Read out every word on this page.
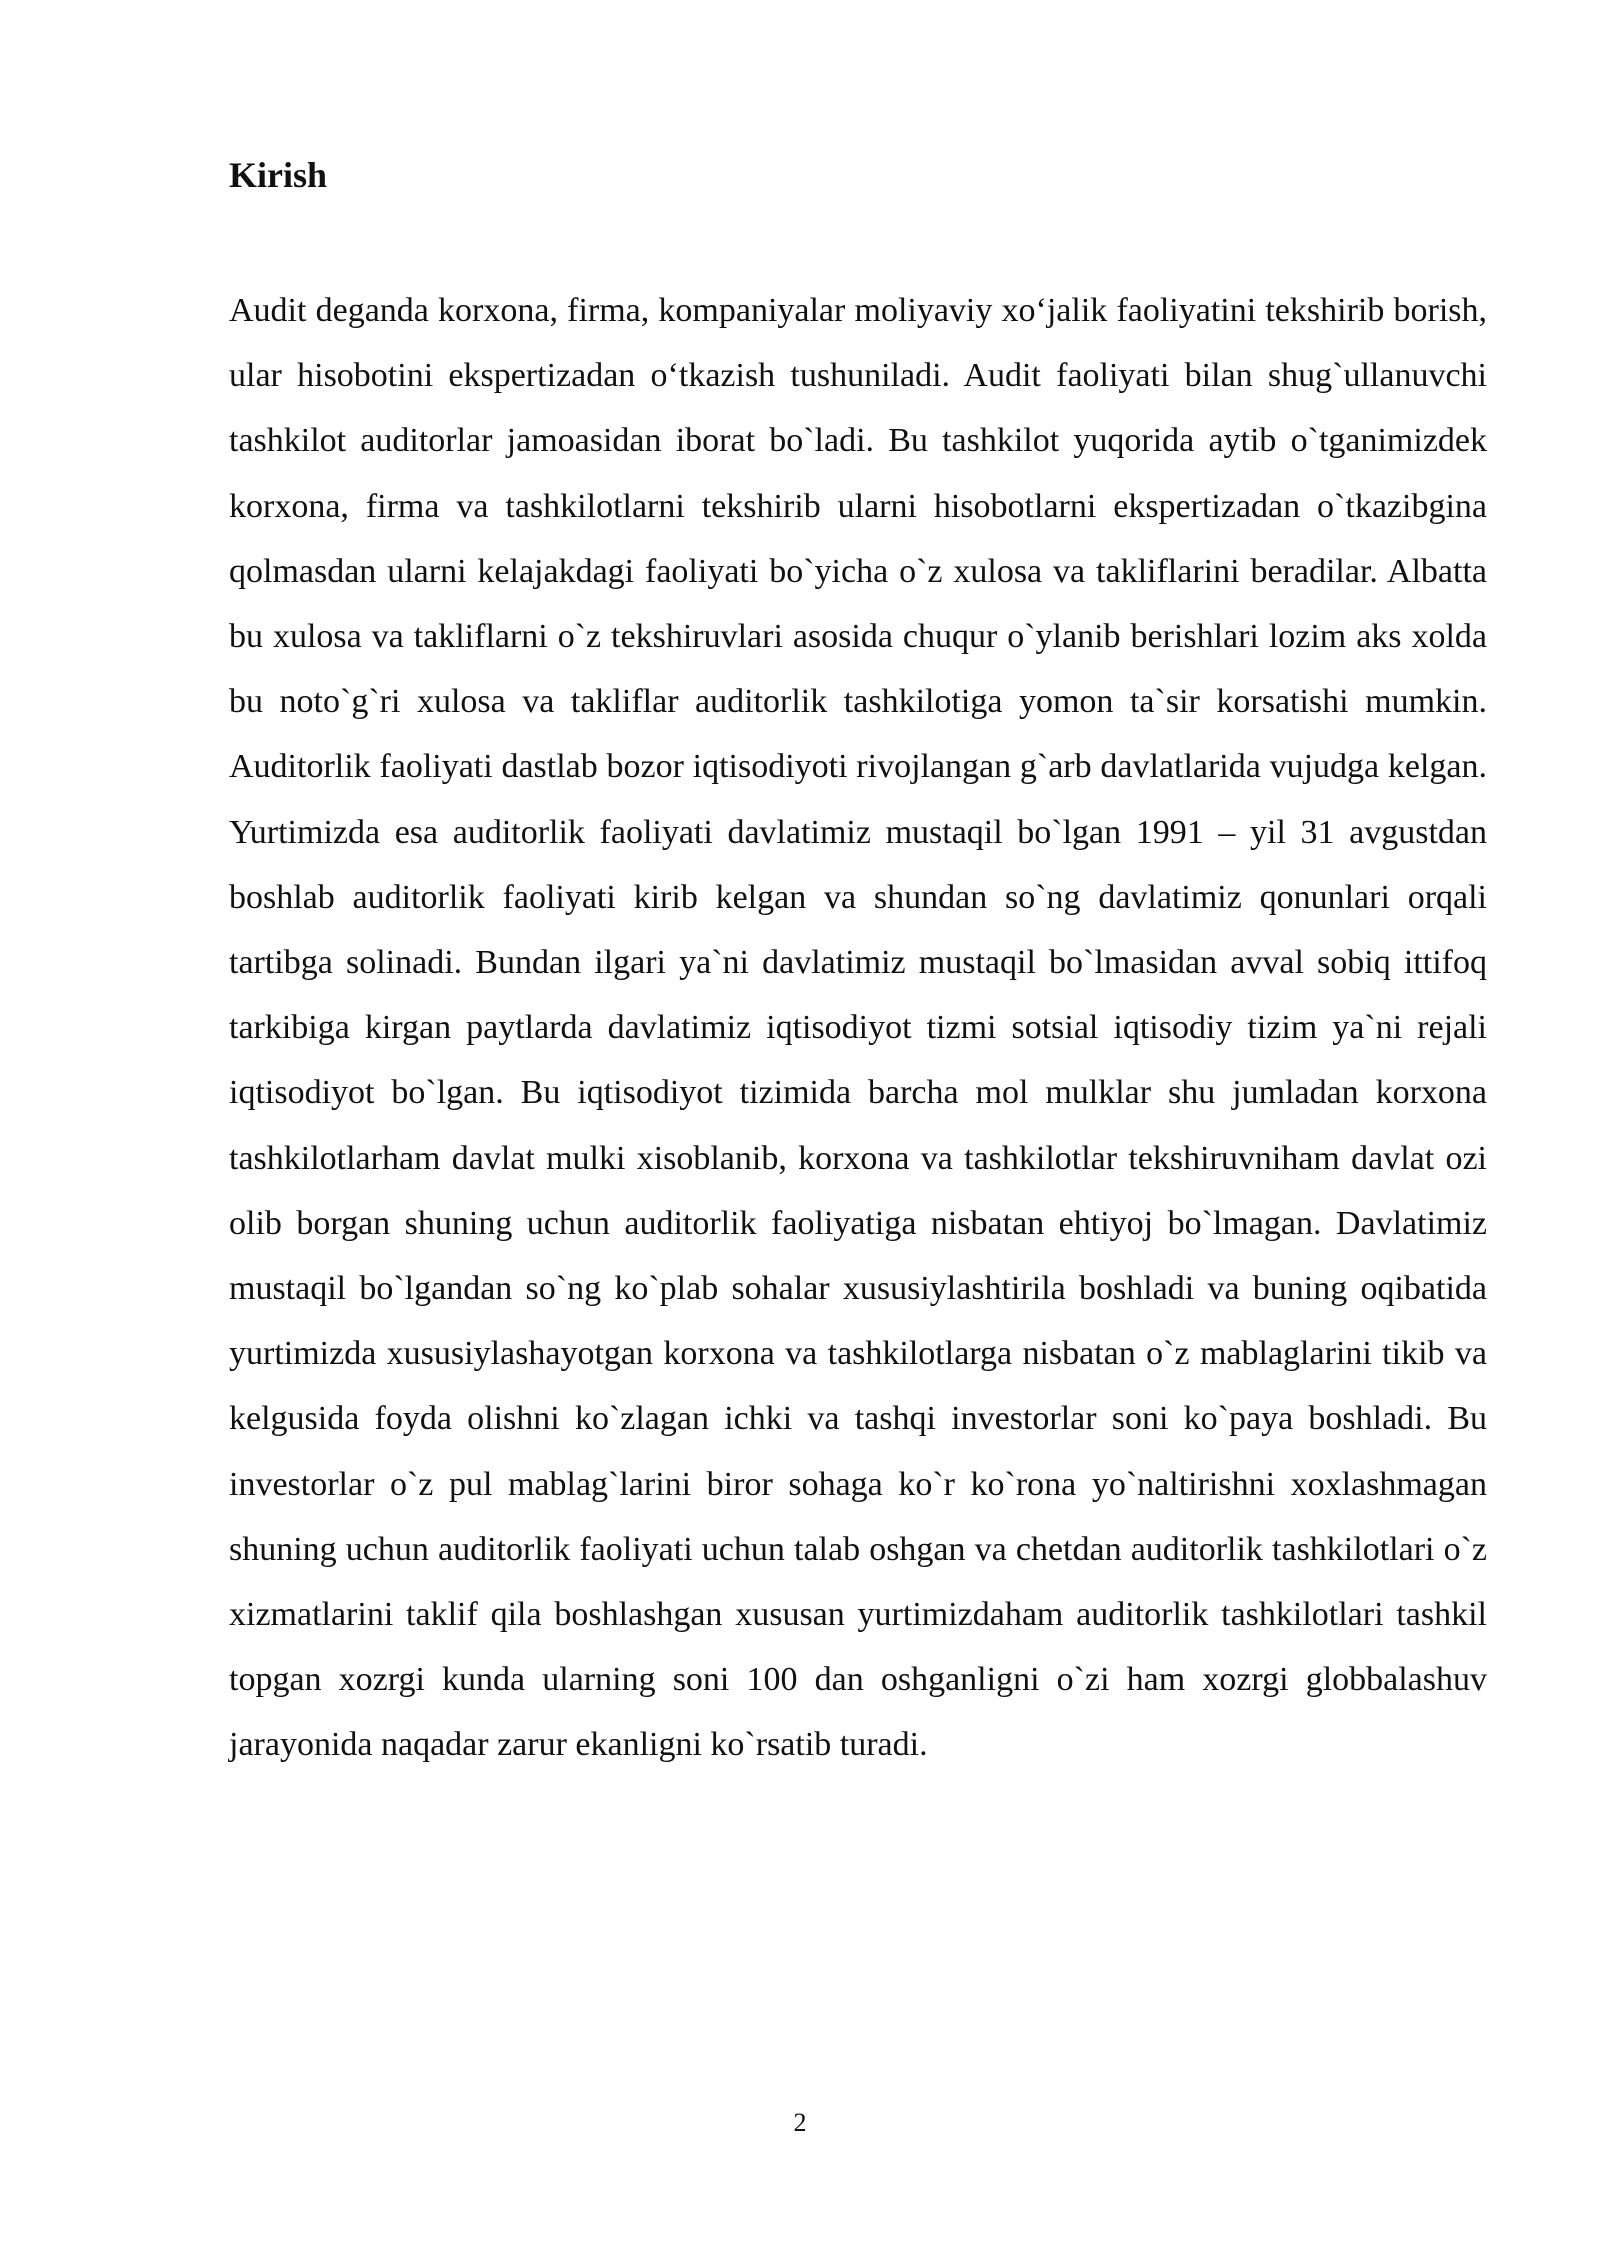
Kirish

Audit deganda korxona, firma, kompaniyalar moliyaviy xo‘jalik faoliyatini tekshirib borish, ular hisobotini ekspertizadan o‘tkazish tushuniladi. Audit faoliyati bilan shug`ullanuvchi tashkilot auditorlar jamoasidan iborat bo`ladi. Bu tashkilot yuqorida aytib o`tganimizdek korxona, firma va tashkilotlarni tekshirib ularni hisobotlarni ekspertizadan o`tkazibgina qolmasdan ularni kelajakdagi faoliyati bo`yicha o`z xulosa va takliflarini beradilar. Albatta bu xulosa va takliflarni o`z tekshiruvlari asosida chuqur o`ylanib berishlari lozim aks xolda bu noto`g`ri xulosa va takliflar auditorlik tashkilotiga yomon ta`sir korsatishi mumkin. Auditorlik faoliyati dastlab bozor iqtisodiyoti rivojlangan g`arb davlatlarida vujudga kelgan. Yurtimizda esa auditorlik faoliyati davlatimiz mustaqil bo`lgan 1991 – yil 31 avgustdan boshlab auditorlik faoliyati kirib kelgan va shundan so`ng davlatimiz qonunlari orqali tartibga solinadi. Bundan ilgari ya`ni davlatimiz mustaqil bo`lmasidan avval sobiq ittifoq tarkibiga kirgan paytlarda davlatimiz iqtisodiyot tizmi sotsial iqtisodiy tizim ya`ni rejali iqtisodiyot bo`lgan. Bu iqtisodiyot tizimida barcha mol mulklar shu jumladan korxona tashkilotlarham davlat mulki xisoblanib, korxona va tashkilotlar tekshiruvniham davlat ozi olib borgan shuning uchun auditorlik faoliyatiga nisbatan ehtiyoj bo`lmagan. Davlatimiz mustaqil bo`lgandan so`ng ko`plab sohalar xususiylashtirila boshladi va buning oqibatida yurtimizda xususiylashayotgan korxona va tashkilotlarga nisbatan o`z mablaglarini tikib va kelgusida foyda olishni ko`zlagan ichki va tashqi investorlar soni ko`paya boshladi. Bu investorlar o`z pul mablag`larini biror sohaga ko`r ko`rona yo`naltirishni xoxlashmagan shuning uchun auditorlik faoliyati uchun talab oshgan va chetdan auditorlik tashkilotlari o`z xizmatlarini taklif qila boshlashgan xususan yurtimizdaham auditorlik tashkilotlari tashkil topgan xozrgi kunda ularning soni 100 dan oshganligni o`zi ham xozrgi globbalashuv jarayonida naqadar zarur ekanligni ko`rsatib turadi.

2
